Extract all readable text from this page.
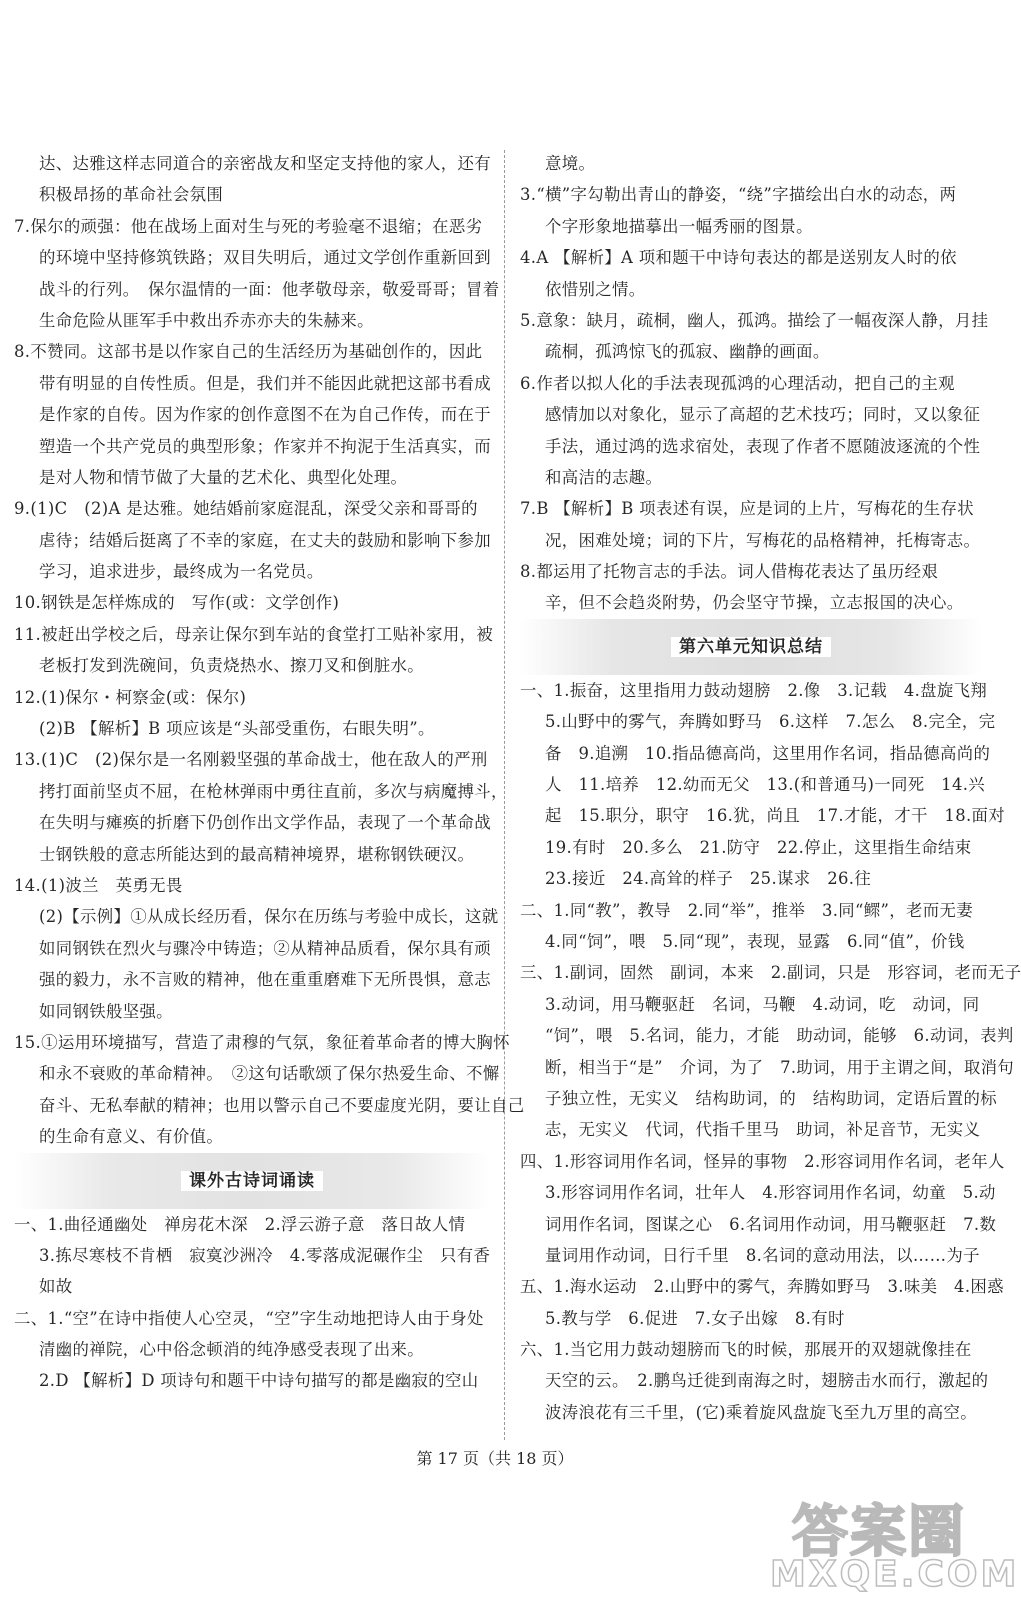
达、达雅这样志同道合的亲密战友和坚定支持他的家人，还有
积极昂扬的革命社会氛围
7.保尔的顽强：他在战场上面对生与死的考验毫不退缩；在恶劣
的环境中坚持修筑铁路；双目失明后，通过文学创作重新回到
战斗的行列。　保尔温情的一面：他孝敬母亲，敬爱哥哥；冒着
生命危险从匪军手中救出乔赤亦夫的朱赫来。
8.不赞同。这部书是以作家自己的生活经历为基础创作的，因此
带有明显的自传性质。但是，我们并不能因此就把这部书看成
是作家的自传。因为作家的创作意图不在为自己作传，而在于
塑造一个共产党员的典型形象；作家并不拘泥于生活真实，而
是对人物和情节做了大量的艺术化、典型化处理。
9.(1)C　(2)A 是达雅。她结婚前家庭混乱，深受父亲和哥哥的
虐待；结婚后挺离了不幸的家庭，在丈夫的鼓励和影响下参加
学习，追求进步，最终成为一名党员。
10.钢铁是怎样炼成的　写作(或：文学创作)
11.被赶出学校之后，母亲让保尔到车站的食堂打工贴补家用，被
老板打发到洗碗间，负责烧热水、擦刀叉和倒脏水。
12.(1)保尔・柯察金(或：保尔)
(2)B 【解析】B 项应该是“头部受重伤，右眼失明”。
13.(1)C　(2)保尔是一名刚毅坚强的革命战士，他在敌人的严刑
拷打面前坚贞不屈，在枪林弹雨中勇往直前，多次与病魔搏斗，
在失明与瘫痪的折磨下仍创作出文学作品，表现了一个革命战
士钢铁般的意志所能达到的最高精神境界，堪称钢铁硬汉。
14.(1)波兰　英勇无畏
(2)【示例】①从成长经历看，保尔在历练与考验中成长，这就
如同钢铁在烈火与骤冷中铸造；②从精神品质看，保尔具有顽
强的毅力，永不言败的精神，他在重重磨难下无所畏惧，意志
如同钢铁般坚强。
15.①运用环境描写，营造了肃穆的气氛，象征着革命者的博大胸怀
和永不衰败的革命精神。　②这句话歌颂了保尔热爱生命、不懈
奋斗、无私奉献的精神；也用以警示自己不要虚度光阴，要让自己
的生命有意义、有价值。
课外古诗词诵读
一、1.曲径通幽处　禅房花木深　2.浮云游子意　落日故人情
3.拣尽寒枝不肯栖　寂寞沙洲冷　4.零落成泥碾作尘　只有香
如故
二、1.“空”在诗中指使人心空灵，“空”字生动地把诗人由于身处
清幽的禅院，心中俗念顿消的纯净感受表现了出来。
2.D 【解析】D 项诗句和题干中诗句描写的都是幽寂的空山
意境。
3.“横”字勾勒出青山的静姿，“绕”字描绘出白水的动态，两
个字形象地描摹出一幅秀丽的图景。
4.A 【解析】A 项和题干中诗句表达的都是送别友人时的依
依惜别之情。
5.意象：缺月，疏桐，幽人，孤鸿。描绘了一幅夜深人静，月挂
疏桐，孤鸿惊飞的孤寂、幽静的画面。
6.作者以拟人化的手法表现孤鸿的心理活动，把自己的主观
感情加以对象化，显示了高超的艺术技巧；同时，又以象征
手法，通过鸿的选求宿处，表现了作者不愿随波逐流的个性
和高洁的志趣。
7.B 【解析】B 项表述有误，应是词的上片，写梅花的生存状
况，困难处境；词的下片，写梅花的品格精神，托梅寄志。
8.都运用了托物言志的手法。词人借梅花表达了虽历经艰
辛，但不会趋炎附势，仍会坚守节操，立志报国的决心。
第六单元知识总结
一、1.振奋，这里指用力鼓动翅膀　2.像　3.记载　4.盘旋飞翔
5.山野中的雾气，奔腾如野马　6.这样　7.怎么　8.完全，完
备　9.追溯　10.指品德高尚，这里用作名词，指品德高尚的
人　11.培养　12.幼而无父　13.(和普通马)一同死　14.兴
起　15.职分，职守　16.犹，尚且　17.才能，才干　18.面对
19.有时　20.多么　21.防守　22.停止，这里指生命结束
23.接近　24.高耸的样子　25.谋求　26.往
二、1.同“教”，教导　2.同“举”，推举　3.同“鳏”，老而无妻
4.同“饲”，喂　5.同“现”，表现，显露　6.同“值”，价钱
三、1.副词，固然　副词，本来　2.副词，只是　形容词，老而无子
3.动词，用马鞭驱赶　名词，马鞭　4.动词，吃　动词，同
“饲”，喂　5.名词，能力，才能　助动词，能够　6.动词，表判
断，相当于“是”　介词，为了　7.助词，用于主谓之间，取消句
子独立性，无实义　结构助词，的　结构助词，定语后置的标
志，无实义　代词，代指千里马　助词，补足音节，无实义
四、1.形容词用作名词，怪异的事物　2.形容词用作名词，老年人
3.形容词用作名词，壮年人　4.形容词用作名词，幼童　5.动
词用作名词，图谋之心　6.名词用作动词，用马鞭驱赶　7.数
量词用作动词，日行千里　8.名词的意动用法，以……为子
五、1.海水运动　2.山野中的雾气，奔腾如野马　3.味美　4.困惑
5.教与学　6.促进　7.女子出嫁　8.有时
六、1.当它用力鼓动翅膀而飞的时候，那展开的双翅就像挂在
天空的云。　2.鹏鸟迁徙到南海之时，翅膀击水而行，激起的
波涛浪花有三千里，(它)乘着旋风盘旋飞至九万里的高空。
第 17 页（共 18 页）
答案圈
MXQE.COM
